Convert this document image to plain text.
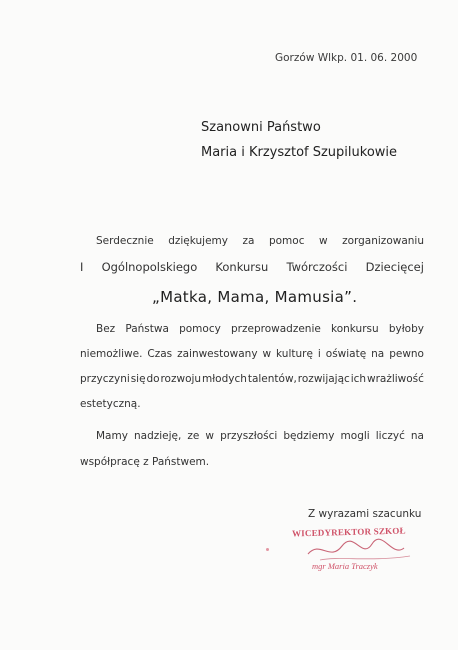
Gorzów Wlkp. 01. 06. 2000
Szanowni Państwo
Maria i Krzysztof Szupilukowie
Serdecznie dziękujemy za pomoc w zorganizowaniu
I Ogólnopolskiego Konkursu Twórczości Dziecięcej
„Matka, Mama, Mamusia”.
Bez Państwa pomocy przeprowadzenie konkursu byłoby
niemożliwe. Czas zainwestowany w kulturę i oświatę na pewno
przyczyni się do rozwoju młodych talentów, rozwijając ich wrażliwość
estetyczną.
Mamy nadzieję, ze w przyszłości będziemy mogli liczyć na
współpracę z Państwem.
Z wyrazami szacunku
WICEDYREKTOR SZKOŁ
mgr Maria Traczyk
